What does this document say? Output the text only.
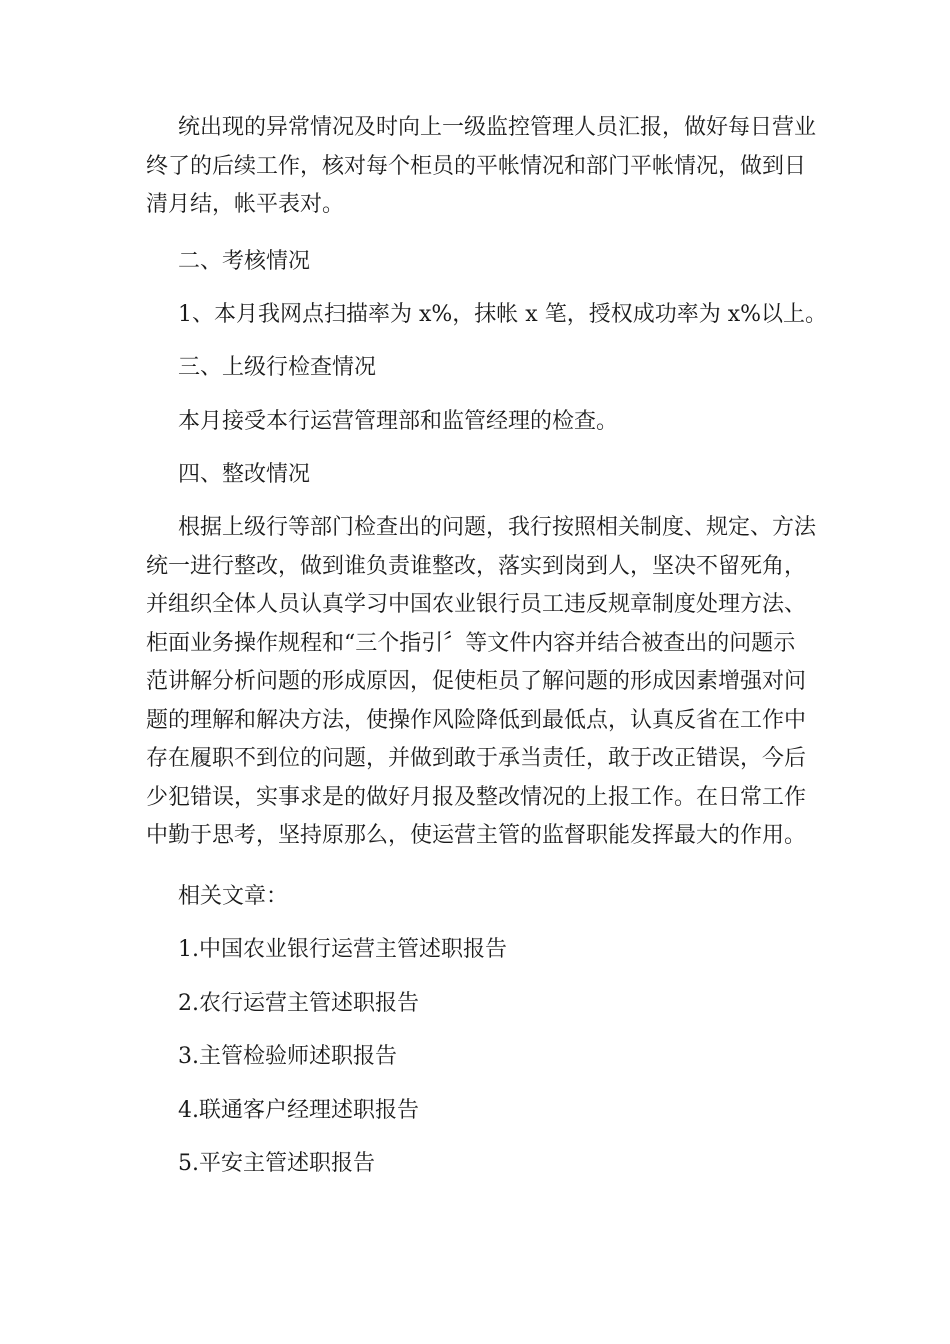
统出现的异常情况及时向上一级监控管理人员汇报，做好每日营业
终了的后续工作，核对每个柜员的平帐情况和部门平帐情况，做到日
清月结，帐平表对。
二、考核情况
1、本月我网点扫描率为 x%，抹帐 x 笔，授权成功率为 x%以上。
三、上级行检查情况
本月接受本行运营管理部和监管经理的检查。
四、整改情况
根据上级行等部门检查出的问题，我行按照相关制度、规定、方法
统一进行整改，做到谁负责谁整改，落实到岗到人，坚决不留死角，
并组织全体人员认真学习中国农业银行员工违反规章制度处理方法、
柜面业务操作规程和“三个指引〞等文件内容并结合被查出的问题示
范讲解分析问题的形成原因，促使柜员了解问题的形成因素增强对问
题的理解和解决方法，使操作风险降低到最低点，认真反省在工作中
存在履职不到位的问题，并做到敢于承当责任，敢于改正错误，今后
少犯错误，实事求是的做好月报及整改情况的上报工作。在日常工作
中勤于思考，坚持原那么，使运营主管的监督职能发挥最大的作用。
相关文章：
1.中国农业银行运营主管述职报告
2.农行运营主管述职报告
3.主管检验师述职报告
4.联通客户经理述职报告
5.平安主管述职报告
